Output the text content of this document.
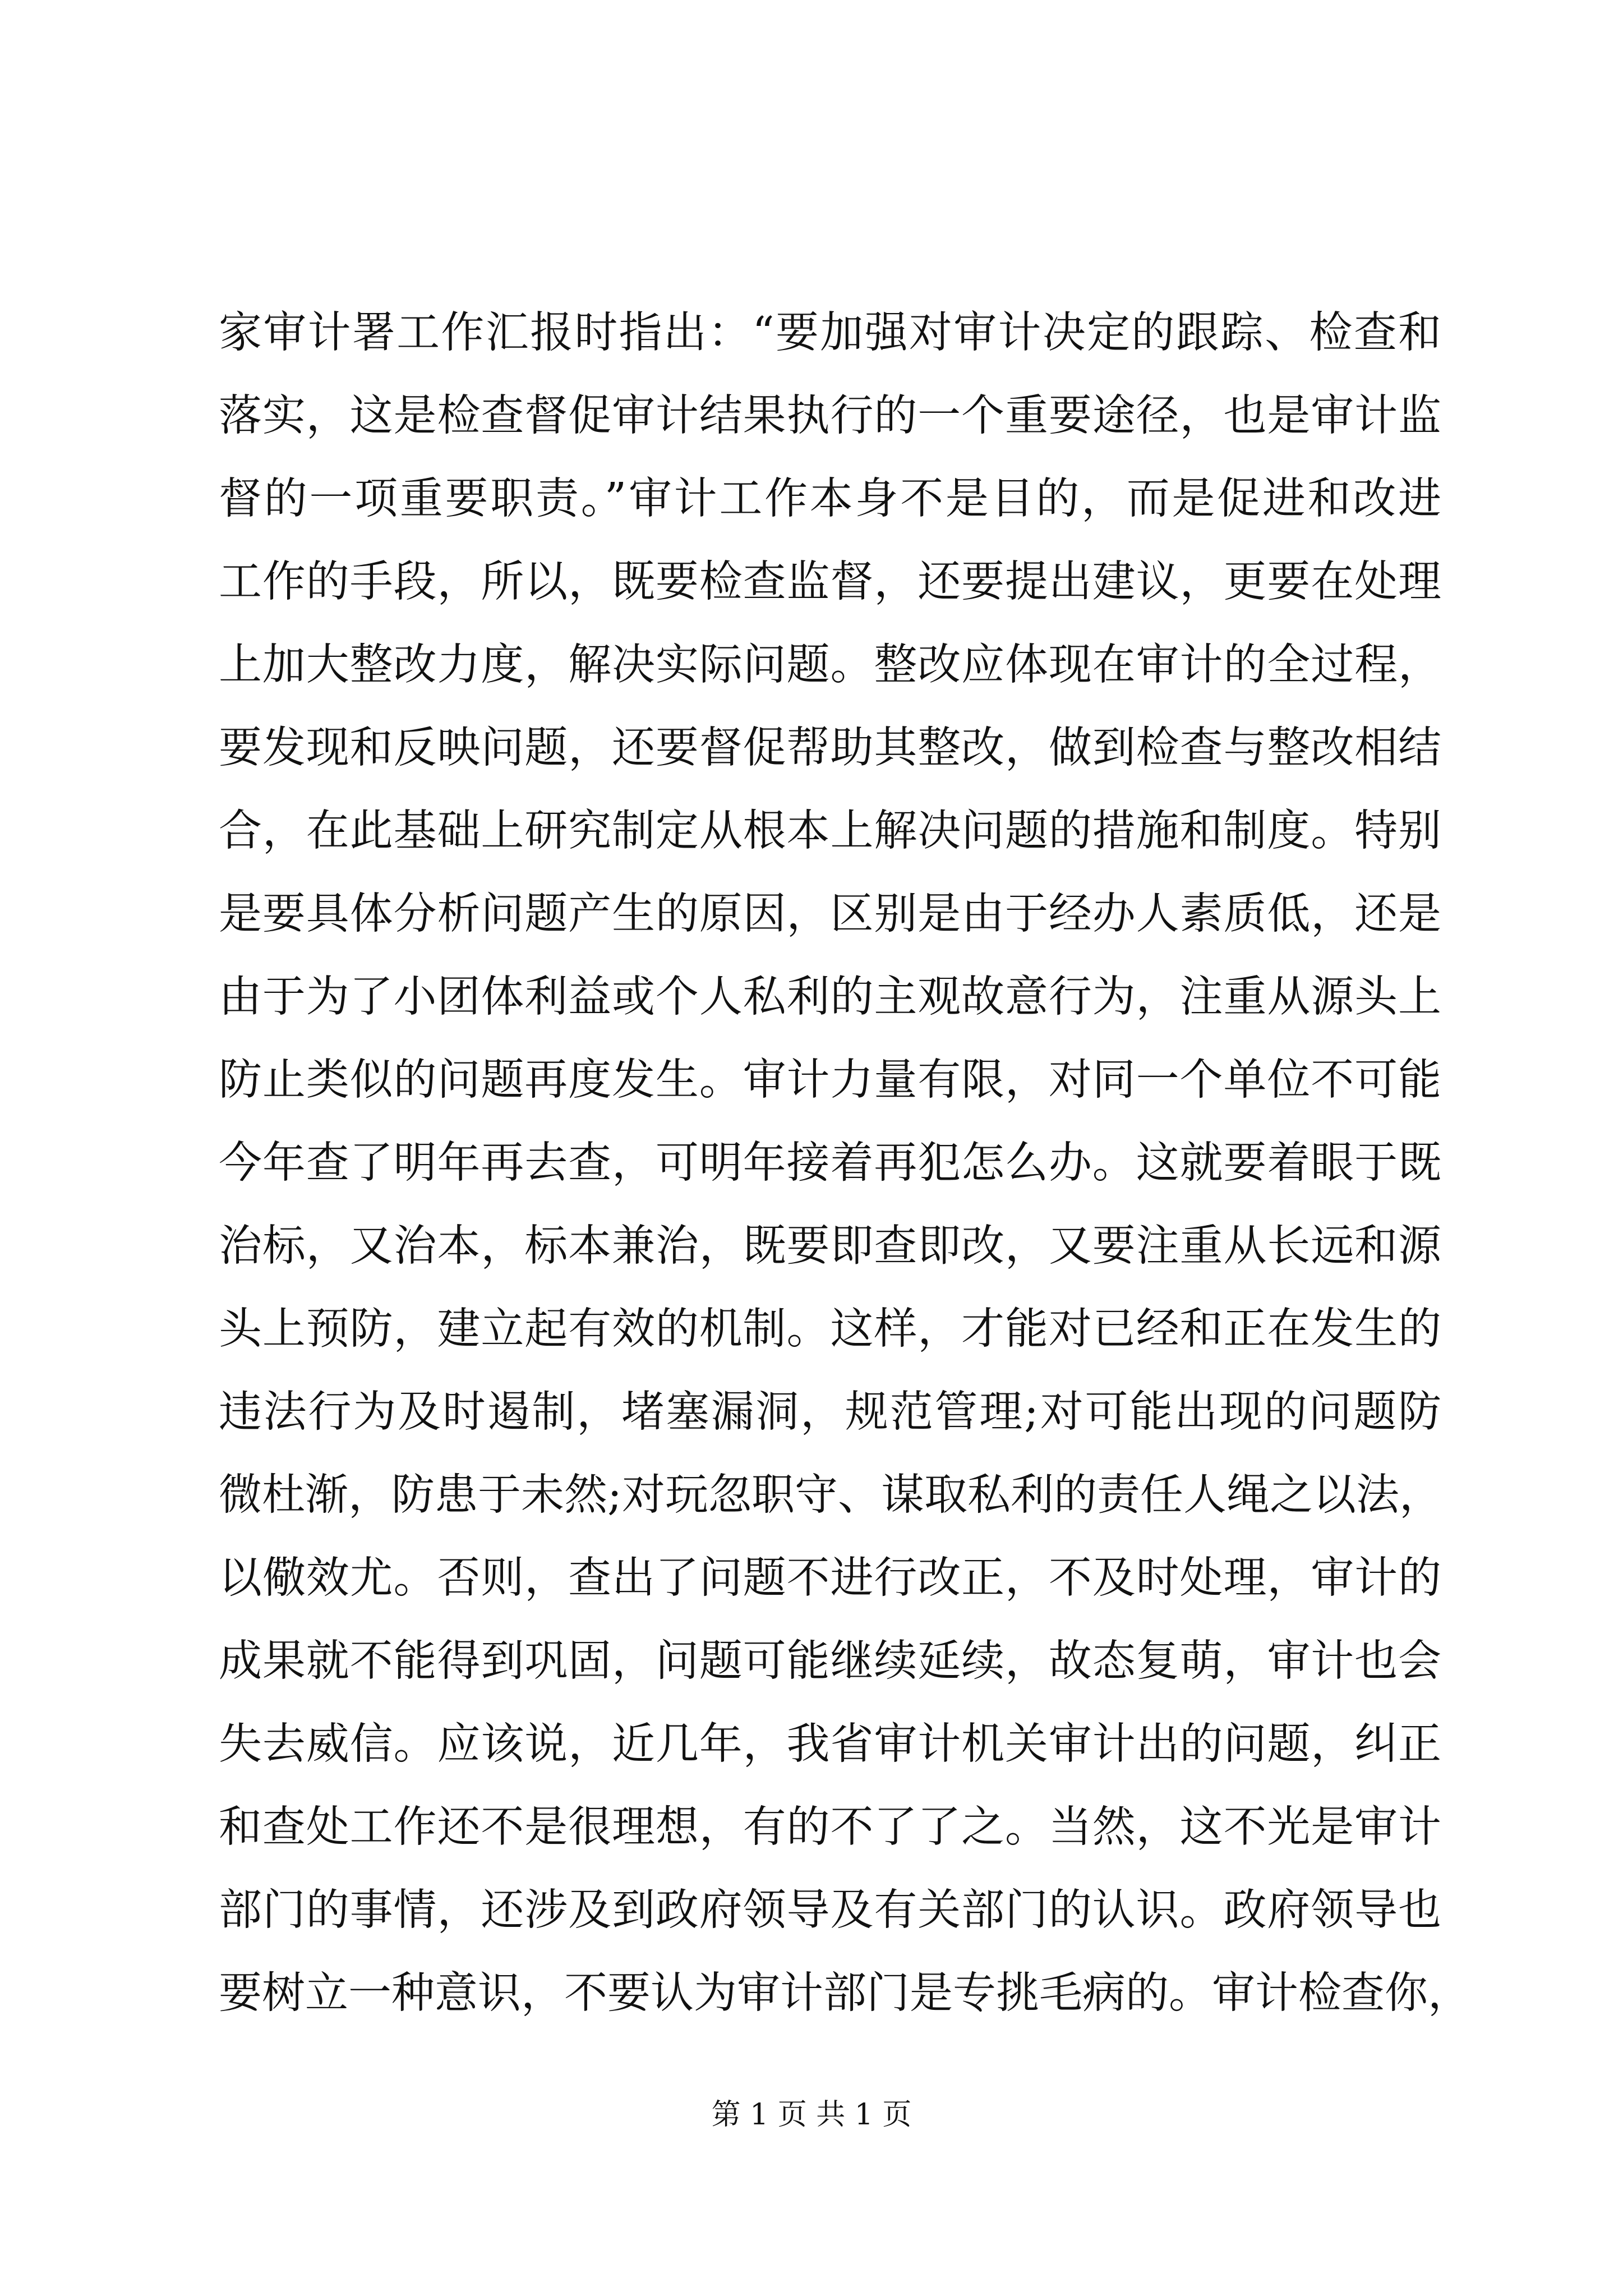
家审计署工作汇报时指出：“要加强对审计决定的跟踪、检查和
落实，这是检查督促审计结果执行的一个重要途径，也是审计监
督的一项重要职责。”审计工作本身不是目的，而是促进和改进
工作的手段，所以，既要检查监督，还要提出建议，更要在处理
上加大整改力度，解决实际问题。整改应体现在审计的全过程，
要发现和反映问题，还要督促帮助其整改，做到检查与整改相结
合，在此基础上研究制定从根本上解决问题的措施和制度。特别
是要具体分析问题产生的原因，区别是由于经办人素质低，还是
由于为了小团体利益或个人私利的主观故意行为，注重从源头上
防止类似的问题再度发生。审计力量有限，对同一个单位不可能
今年查了明年再去查，可明年接着再犯怎么办。这就要着眼于既
治标，又治本，标本兼治，既要即查即改，又要注重从长远和源
头上预防，建立起有效的机制。这样，才能对已经和正在发生的
违法行为及时遏制，堵塞漏洞，规范管理;对可能出现的问题防
微杜渐，防患于未然;对玩忽职守、谋取私利的责任人绳之以法，
以儆效尤。否则，查出了问题不进行改正，不及时处理，审计的
成果就不能得到巩固，问题可能继续延续，故态复萌，审计也会
失去威信。应该说，近几年，我省审计机关审计出的问题，纠正
和查处工作还不是很理想，有的不了了之。当然，这不光是审计
部门的事情，还涉及到政府领导及有关部门的认识。政府领导也
要树立一种意识，不要认为审计部门是专挑毛病的。审计检查你，
第 1 页 共 1 页
